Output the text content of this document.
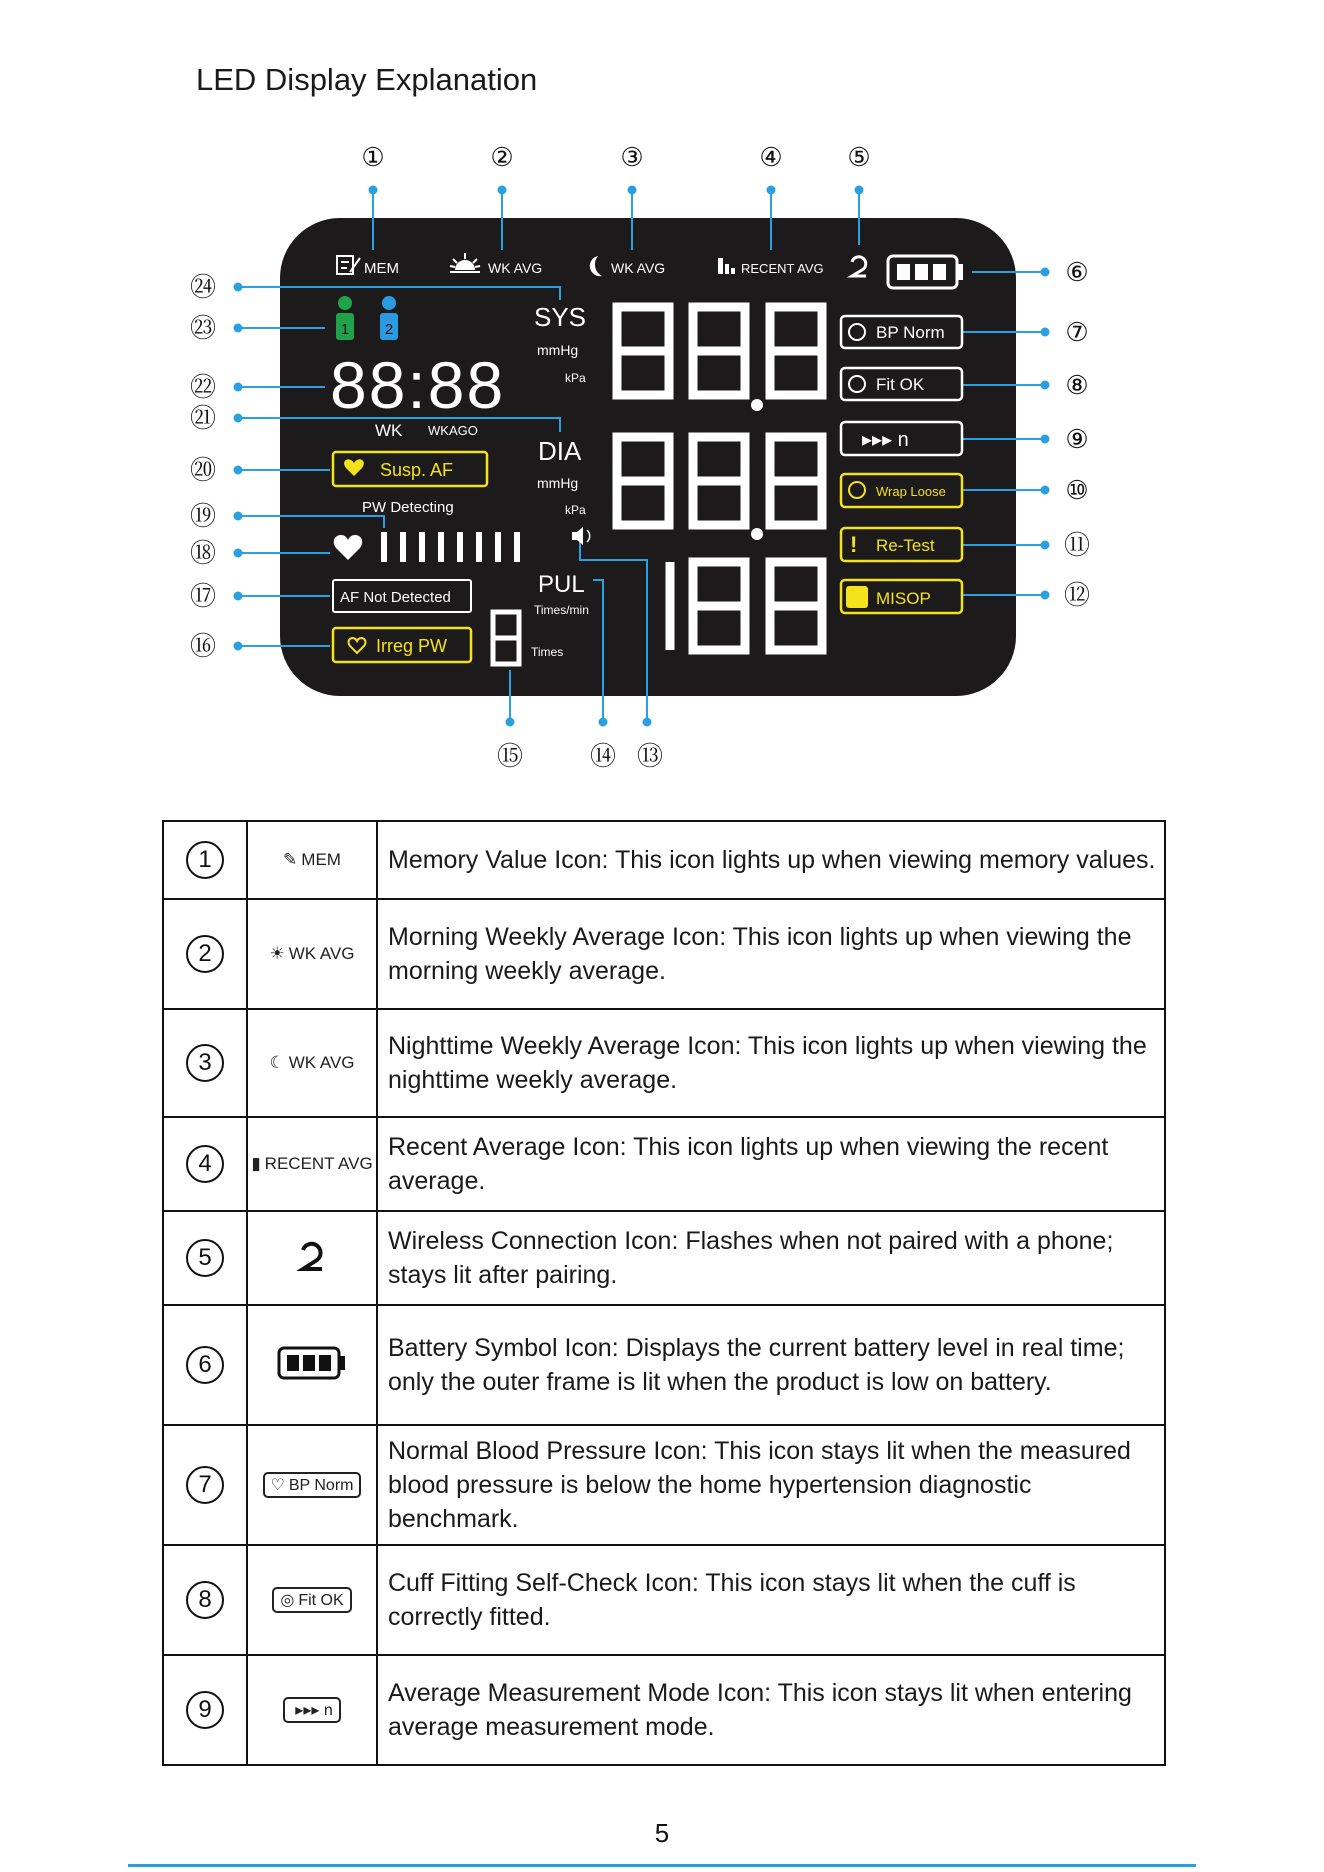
LED Display Explanation
①	②	③	④ ⑤
⑥
⑦
⑧
⑨
⑩
⑪
⑫
⑬
⑭
⑮
⑯
⑰
⑱
⑲
⑳
㉑
㉒
㉓
㉔
MEM	WK AVG	WK AVG	RECENT AVG
1 2
88:88
WK WKAGO
Susp. AF
PW Detecting
AF Not Detected
Irreg PW
SYS
mmHg
kPa
DIA
mmHg
kPa
PUL
Times/min
Times
BP Norm
Fit OK
▸▸▸ n
Wrap Loose
! Re-Test
MISOP
1	✎ MEM	Memory Value Icon: This icon lights up when viewing memory values.
2	☀ WK AVG	Morning Weekly Average Icon: This icon lights up when viewing the morning weekly average.
3	☾ WK AVG	Nighttime Weekly Average Icon: This icon lights up when viewing the nighttime weekly average.
4	▮ RECENT AVG	Recent Average Icon: This icon lights up when viewing the recent average.
5		Wireless Connection Icon: Flashes when not paired with a phone; stays lit after pairing.
6		Battery Symbol Icon: Displays the current battery level in real time; only the outer frame is lit when the product is low on battery.
7	♡ BP Norm	Normal Blood Pressure Icon: This icon stays lit when the measured blood pressure is below the home hypertension diagnostic benchmark.
8	◎ Fit OK	Cuff Fitting Self-Check Icon: This icon stays lit when the cuff is correctly fitted.
9	▸▸▸ n	Average Measurement Mode Icon: This icon stays lit when entering average measurement mode.
5
